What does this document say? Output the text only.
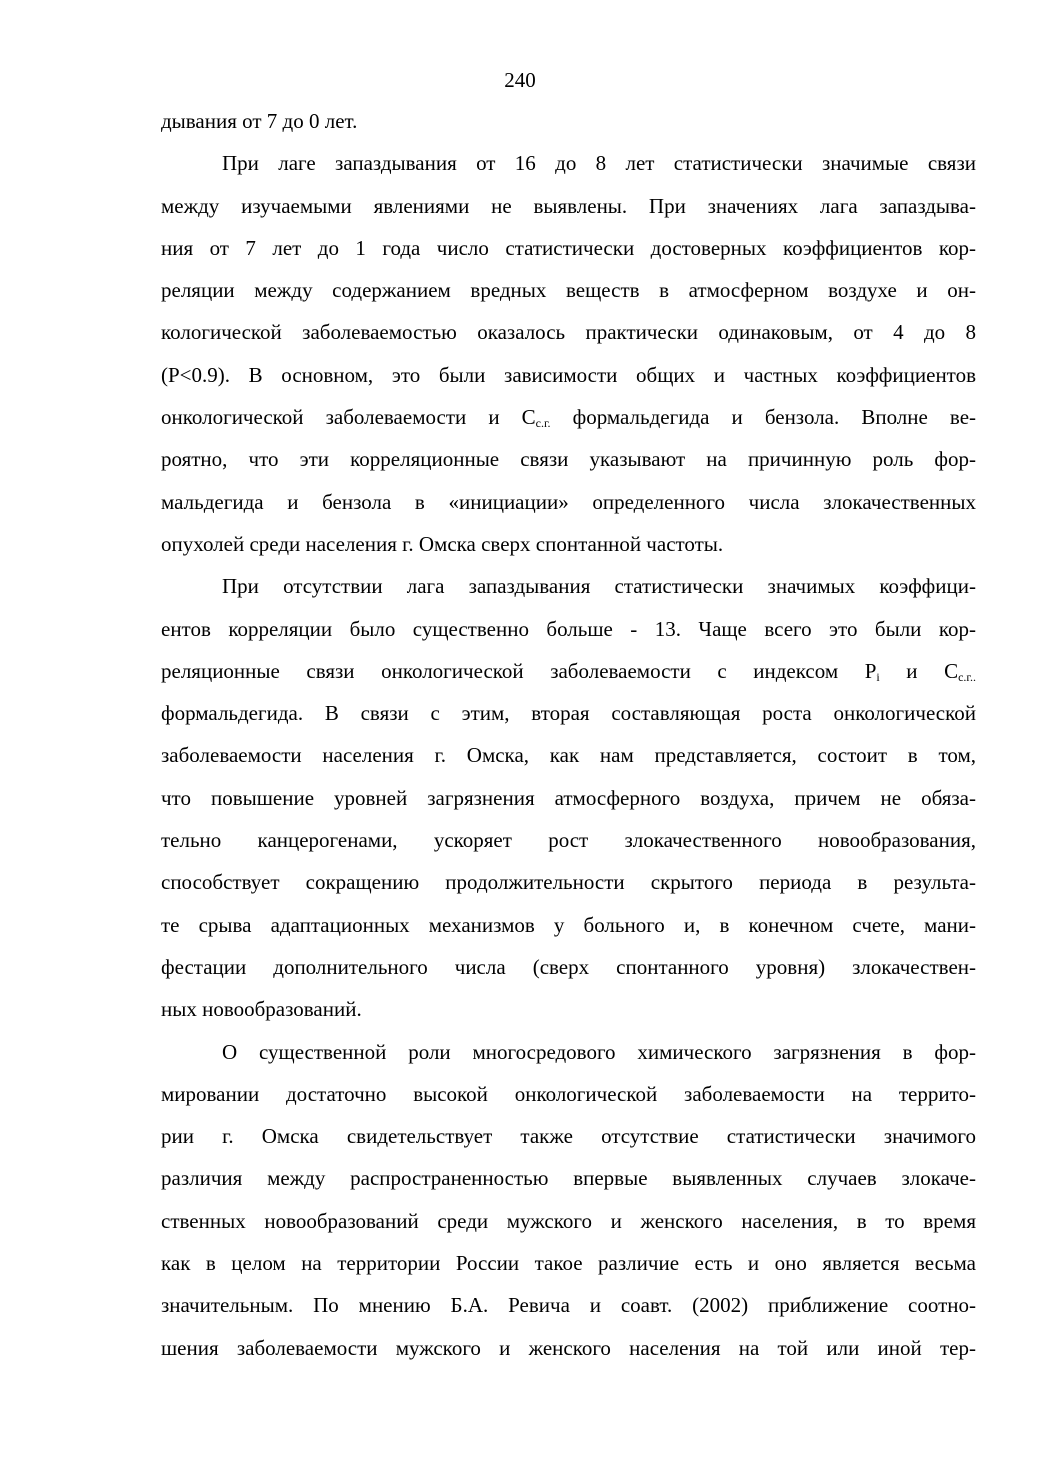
240
дывания от 7 до 0 лет.
При лаге запаздывания от 16 до 8 лет статистически значимые связи
между изучаемыми явлениями не выявлены. При значениях лага запаздыва-
ния от 7 лет до 1 года число статистически достоверных коэффициентов кор-
реляции между содержанием вредных веществ в атмосферном воздухе и он-
кологической заболеваемостью оказалось практически одинаковым, от 4 до 8
(P<0.9). В основном, это были зависимости общих и частных коэффициентов
онкологической заболеваемости и $C_{с.г.}$ формальдегида и бензола. Вполне ве-
роятно, что эти корреляционные связи указывают на причинную роль фор-
мальдегида и бензола в «инициации» определенного числа злокачественных
опухолей среди населения г. Омска сверх спонтанной частоты.
При отсутствии лага запаздывания статистически значимых коэффици-
ентов корреляции было существенно больше - 13. Чаще всего это были кор-
реляционные связи онкологической заболеваемости с индексом $P_i$ и $C_{с.г..}$
формальдегида. В связи с этим, вторая составляющая роста онкологической
заболеваемости населения г. Омска, как нам представляется, состоит в том,
что повышение уровней загрязнения атмосферного воздуха, причем не обяза-
тельно канцерогенами, ускоряет рост злокачественного новообразования,
способствует сокращению продолжительности скрытого периода в результа-
те срыва адаптационных механизмов у больного и, в конечном счете, мани-
фестации дополнительного числа (сверх спонтанного уровня) злокачествен-
ных новообразований.
О существенной роли многосредового химического загрязнения в фор-
мировании достаточно высокой онкологической заболеваемости на террито-
рии г. Омска свидетельствует также отсутствие статистически значимого
различия между распространенностью впервые выявленных случаев злокаче-
ственных новообразований среди мужского и женского населения, в то время
как в целом на территории России такое различие есть и оно является весьма
значительным. По мнению Б.А. Ревича и соавт. (2002) приближение соотно-
шения заболеваемости мужского и женского населения на той или иной тер-
